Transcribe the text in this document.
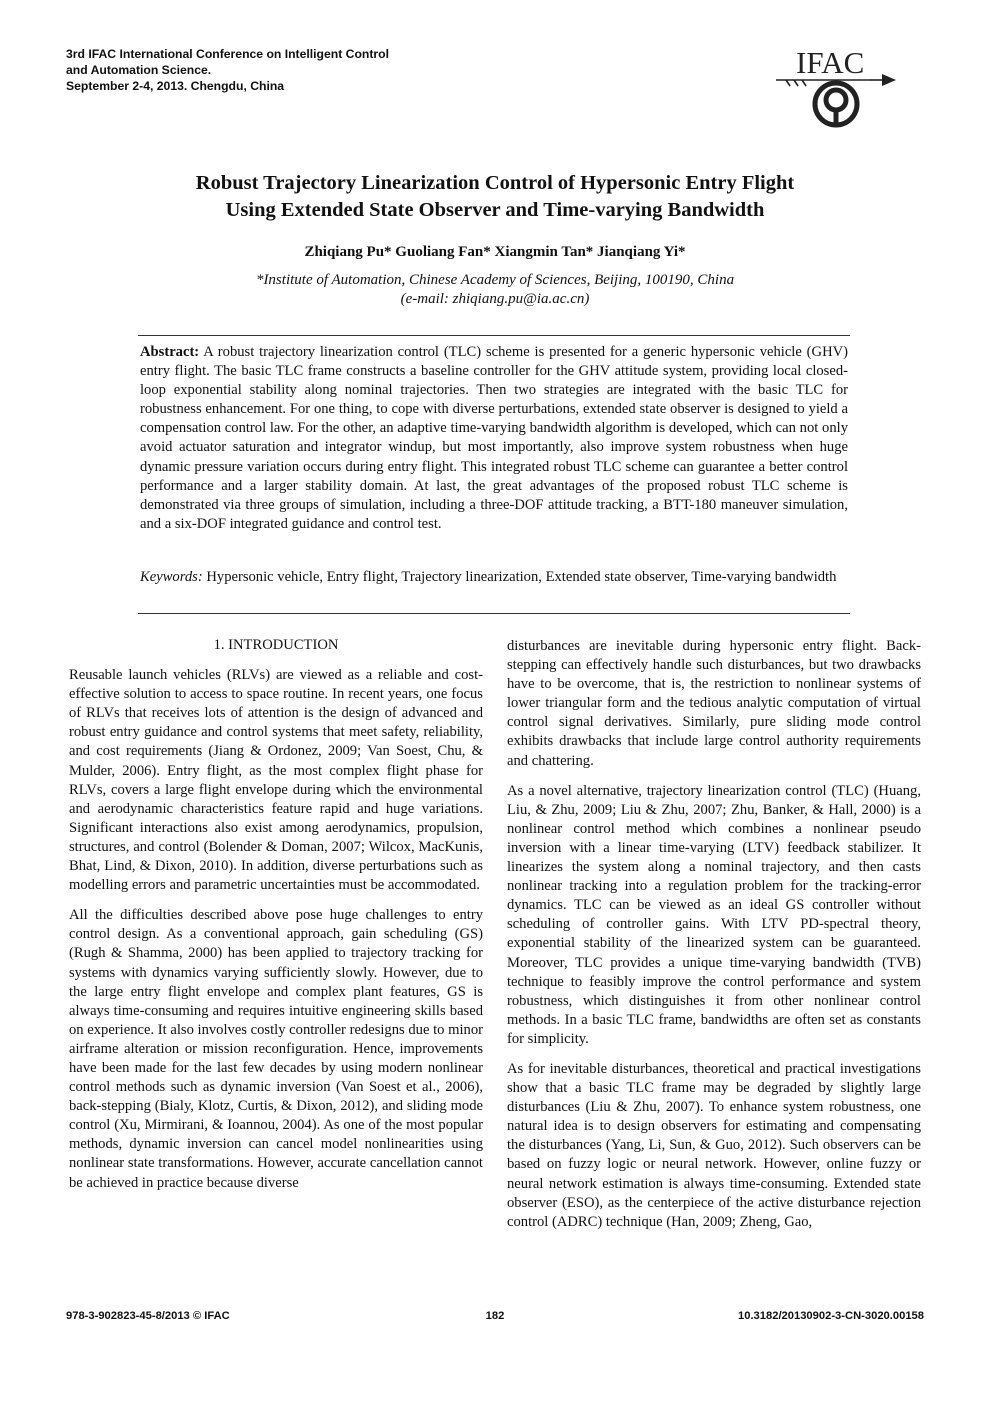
3rd IFAC International Conference on Intelligent Control
and Automation Science.
September 2-4, 2013. Chengdu, China
IFAC
Robust Trajectory Linearization Control of Hypersonic Entry Flight
Using Extended State Observer and Time-varying Bandwidth
Zhiqiang Pu* Guoliang Fan* Xiangmin Tan* Jianqiang Yi*
*Institute of Automation, Chinese Academy of Sciences, Beijing, 100190, China
(e-mail: zhiqiang.pu@ia.ac.cn)

Abstract: A robust trajectory linearization control (TLC) scheme is presented for a generic hypersonic vehicle (GHV) entry flight. The basic TLC frame constructs a baseline controller for the GHV attitude system, providing local closed-loop exponential stability along nominal trajectories. Then two strategies are integrated with the basic TLC for robustness enhancement. For one thing, to cope with diverse perturbations, extended state observer is designed to yield a compensation control law. For the other, an adaptive time-varying bandwidth algorithm is developed, which can not only avoid actuator saturation and integrator windup, but most importantly, also improve system robustness when huge dynamic pressure variation occurs during entry flight. This integrated robust TLC scheme can guarantee a better control performance and a larger stability domain. At last, the great advantages of the proposed robust TLC scheme is demonstrated via three groups of simulation, including a three-DOF attitude tracking, a BTT-180 maneuver simulation, and a six-DOF integrated guidance and control test.

Keywords: Hypersonic vehicle, Entry flight, Trajectory linearization, Extended state observer, Time-varying bandwidth

1. INTRODUCTION

Reusable launch vehicles (RLVs) are viewed as a reliable and cost-effective solution to access to space routine. In recent years, one focus of RLVs that receives lots of attention is the design of advanced and robust entry guidance and control systems that meet safety, reliability, and cost requirements (Jiang & Ordonez, 2009; Van Soest, Chu, & Mulder, 2006). Entry flight, as the most complex flight phase for RLVs, covers a large flight envelope during which the environmental and aerodynamic characteristics feature rapid and huge variations. Significant interactions also exist among aerodynamics, propulsion, structures, and control (Bolender & Doman, 2007; Wilcox, MacKunis, Bhat, Lind, & Dixon, 2010). In addition, diverse perturbations such as modelling errors and parametric uncertainties must be accommodated.

All the difficulties described above pose huge challenges to entry control design. As a conventional approach, gain scheduling (GS) (Rugh & Shamma, 2000) has been applied to trajectory tracking for systems with dynamics varying sufficiently slowly. However, due to the large entry flight envelope and complex plant features, GS is always time-consuming and requires intuitive engineering skills based on experience. It also involves costly controller redesigns due to minor airframe alteration or mission reconfiguration. Hence, improvements have been made for the last few decades by using modern nonlinear control methods such as dynamic inversion (Van Soest et al., 2006), back-stepping (Bialy, Klotz, Curtis, & Dixon, 2012), and sliding mode control (Xu, Mirmirani, & Ioannou, 2004). As one of the most popular methods, dynamic inversion can cancel model nonlinearities using nonlinear state transformations. However, accurate cancellation cannot be achieved in practice because diverse

disturbances are inevitable during hypersonic entry flight. Back-stepping can effectively handle such disturbances, but two drawbacks have to be overcome, that is, the restriction to nonlinear systems of lower triangular form and the tedious analytic computation of virtual control signal derivatives. Similarly, pure sliding mode control exhibits drawbacks that include large control authority requirements and chattering.

As a novel alternative, trajectory linearization control (TLC) (Huang, Liu, & Zhu, 2009; Liu & Zhu, 2007; Zhu, Banker, & Hall, 2000) is a nonlinear control method which combines a nonlinear pseudo inversion with a linear time-varying (LTV) feedback stabilizer. It linearizes the system along a nominal trajectory, and then casts nonlinear tracking into a regulation problem for the tracking-error dynamics. TLC can be viewed as an ideal GS controller without scheduling of controller gains. With LTV PD-spectral theory, exponential stability of the linearized system can be guaranteed. Moreover, TLC provides a unique time-varying bandwidth (TVB) technique to feasibly improve the control performance and system robustness, which distinguishes it from other nonlinear control methods. In a basic TLC frame, bandwidths are often set as constants for simplicity.

As for inevitable disturbances, theoretical and practical investigations show that a basic TLC frame may be degraded by slightly large disturbances (Liu & Zhu, 2007). To enhance system robustness, one natural idea is to design observers for estimating and compensating the disturbances (Yang, Li, Sun, & Guo, 2012). Such observers can be based on fuzzy logic or neural network. However, online fuzzy or neural network estimation is always time-consuming. Extended state observer (ESO), as the centerpiece of the active disturbance rejection control (ADRC) technique (Han, 2009; Zheng, Gao,

978-3-902823-45-8/2013 © IFAC	182	10.3182/20130902-3-CN-3020.00158
